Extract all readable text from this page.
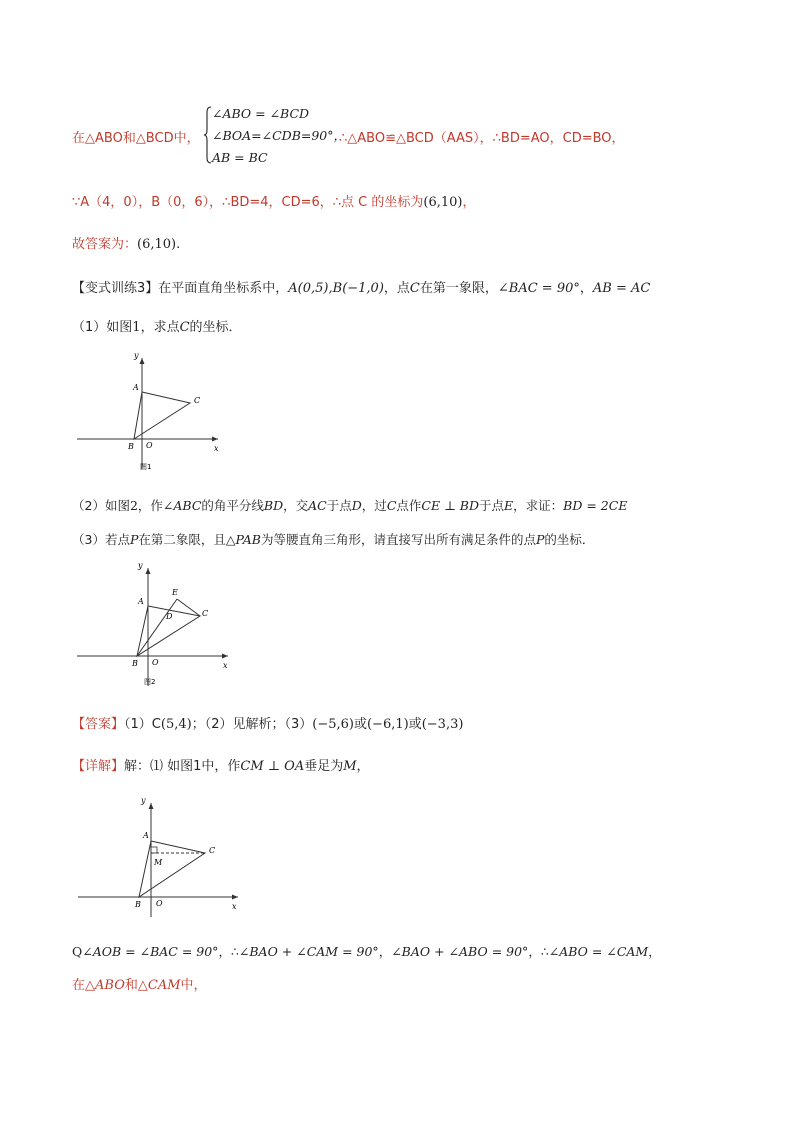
在△ABO和△BCD中，
∠ABO = ∠BCD
∠BOA=∠CDB=90°，
AB = BC
∴△ABO≌△BCD（AAS），∴BD=AO，CD=BO，
∵A（4，0），B（0，6），∴BD=4，CD=6，∴点 C 的坐标为(6,10)，
故答案为：(6,10).
【变式训练3】在平面直角坐标系中，A(0,5),B(−1,0)，点C在第一象限，∠BAC = 90°，AB = AC
（1）如图1，求点C的坐标．
y
x
A
C
B O
图1
（2）如图2，作∠ABC的角平分线BD，交AC于点D，过C点作CE ⊥ BD于点E，求证：BD = 2CE
（3）若点P在第二象限，且△PAB为等腰直角三角形，请直接写出所有满足条件的点P的坐标．
y
x
A
E
D	C
B O
图2
【答案】（1）C(5,4)；（2）见解析；（3）(−5,6)或(−6,1)或(−3,3)
【详解】解：⑴ 如图1中，作CM ⊥ OA垂足为M，
y
x
A
M
C
B O
Q∠AOB = ∠BAC = 90°，∴∠BAO + ∠CAM = 90°，∠BAO + ∠ABO = 90°，∴∠ABO = ∠CAM，
在△ABO和△CAM中，
